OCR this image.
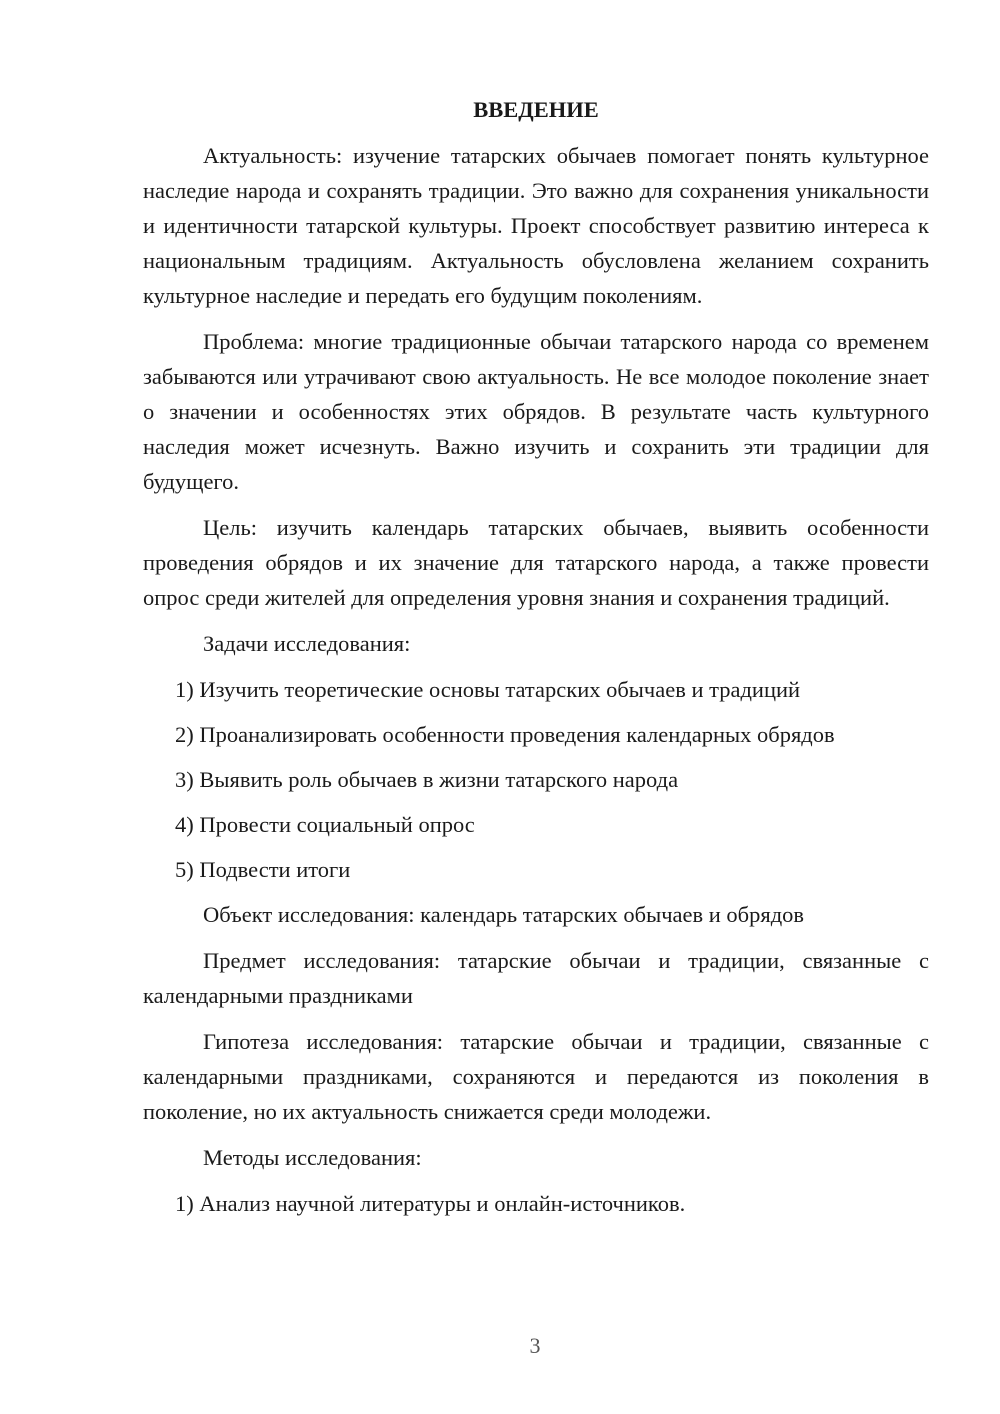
ВВЕДЕНИЕ

Актуальность: изучение татарских обычаев помогает понять культурное наследие народа и сохранять традиции. Это важно для сохранения уникальности и идентичности татарской культуры. Проект способствует развитию интереса к национальным традициям. Актуальность обусловлена желанием сохранить культурное наследие и передать его будущим поколениям.

Проблема: многие традиционные обычаи татарского народа со временем забываются или утрачивают свою актуальность. Не все молодое поколение знает о значении и особенностях этих обрядов. В результате часть культурного наследия может исчезнуть. Важно изучить и сохранить эти традиции для будущего.

Цель: изучить календарь татарских обычаев, выявить особенности проведения обрядов и их значение для татарского народа, а также провести опрос среди жителей для определения уровня знания и сохранения традиций.

Задачи исследования:

1) Изучить теоретические основы татарских обычаев и традиций

2) Проанализировать особенности проведения календарных обрядов

3) Выявить роль обычаев в жизни татарского народа

4) Провести социальный опрос

5) Подвести итоги

Объект исследования: календарь татарских обычаев и обрядов

Предмет исследования: татарские обычаи и традиции, связанные с календарными праздниками

Гипотеза исследования: татарские обычаи и традиции, связанные с календарными праздниками, сохраняются и передаются из поколения в поколение, но их актуальность снижается среди молодежи.

Методы исследования:

1) Анализ научной литературы и онлайн-источников.

3
